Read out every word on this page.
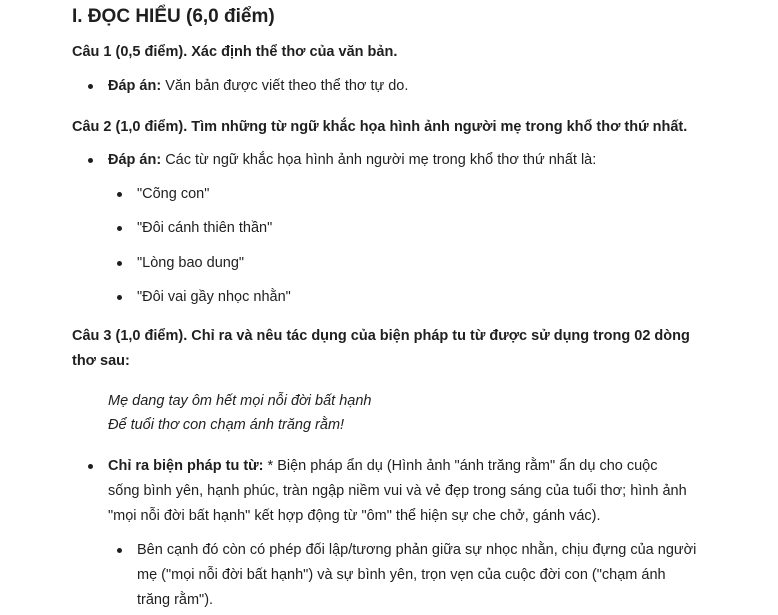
I. ĐỌC HIỂU (6,0 điểm)

Câu 1 (0,5 điểm). Xác định thể thơ của văn bản.

Đáp án: Văn bản được viết theo thể thơ tự do.

Câu 2 (1,0 điểm). Tìm những từ ngữ khắc họa hình ảnh người mẹ trong khổ thơ thứ nhất.

Đáp án: Các từ ngữ khắc họa hình ảnh người mẹ trong khổ thơ thứ nhất là:
"Cõng con"
"Đôi cánh thiên thần"
"Lòng bao dung"
"Đôi vai gầy nhọc nhằn"

Câu 3 (1,0 điểm). Chỉ ra và nêu tác dụng của biện pháp tu từ được sử dụng trong 02 dòng

thơ sau:

Mẹ dang tay ôm hết mọi nỗi đời bất hạnh
Để tuổi thơ con chạm ánh trăng rằm!
Chỉ ra biện pháp tu từ: * Biện pháp ẩn dụ (Hình ảnh "ánh trăng rằm" ẩn dụ cho cuộc
sống bình yên, hạnh phúc, tràn ngập niềm vui và vẻ đẹp trong sáng của tuổi thơ; hình ảnh
"mọi nỗi đời bất hạnh" kết hợp động từ "ôm" thể hiện sự che chở, gánh vác).
Bên cạnh đó còn có phép đối lập/tương phản giữa sự nhọc nhằn, chịu đựng của người
mẹ ("mọi nỗi đời bất hạnh") và sự bình yên, trọn vẹn của cuộc đời con ("chạm ánh
trăng rằm").
